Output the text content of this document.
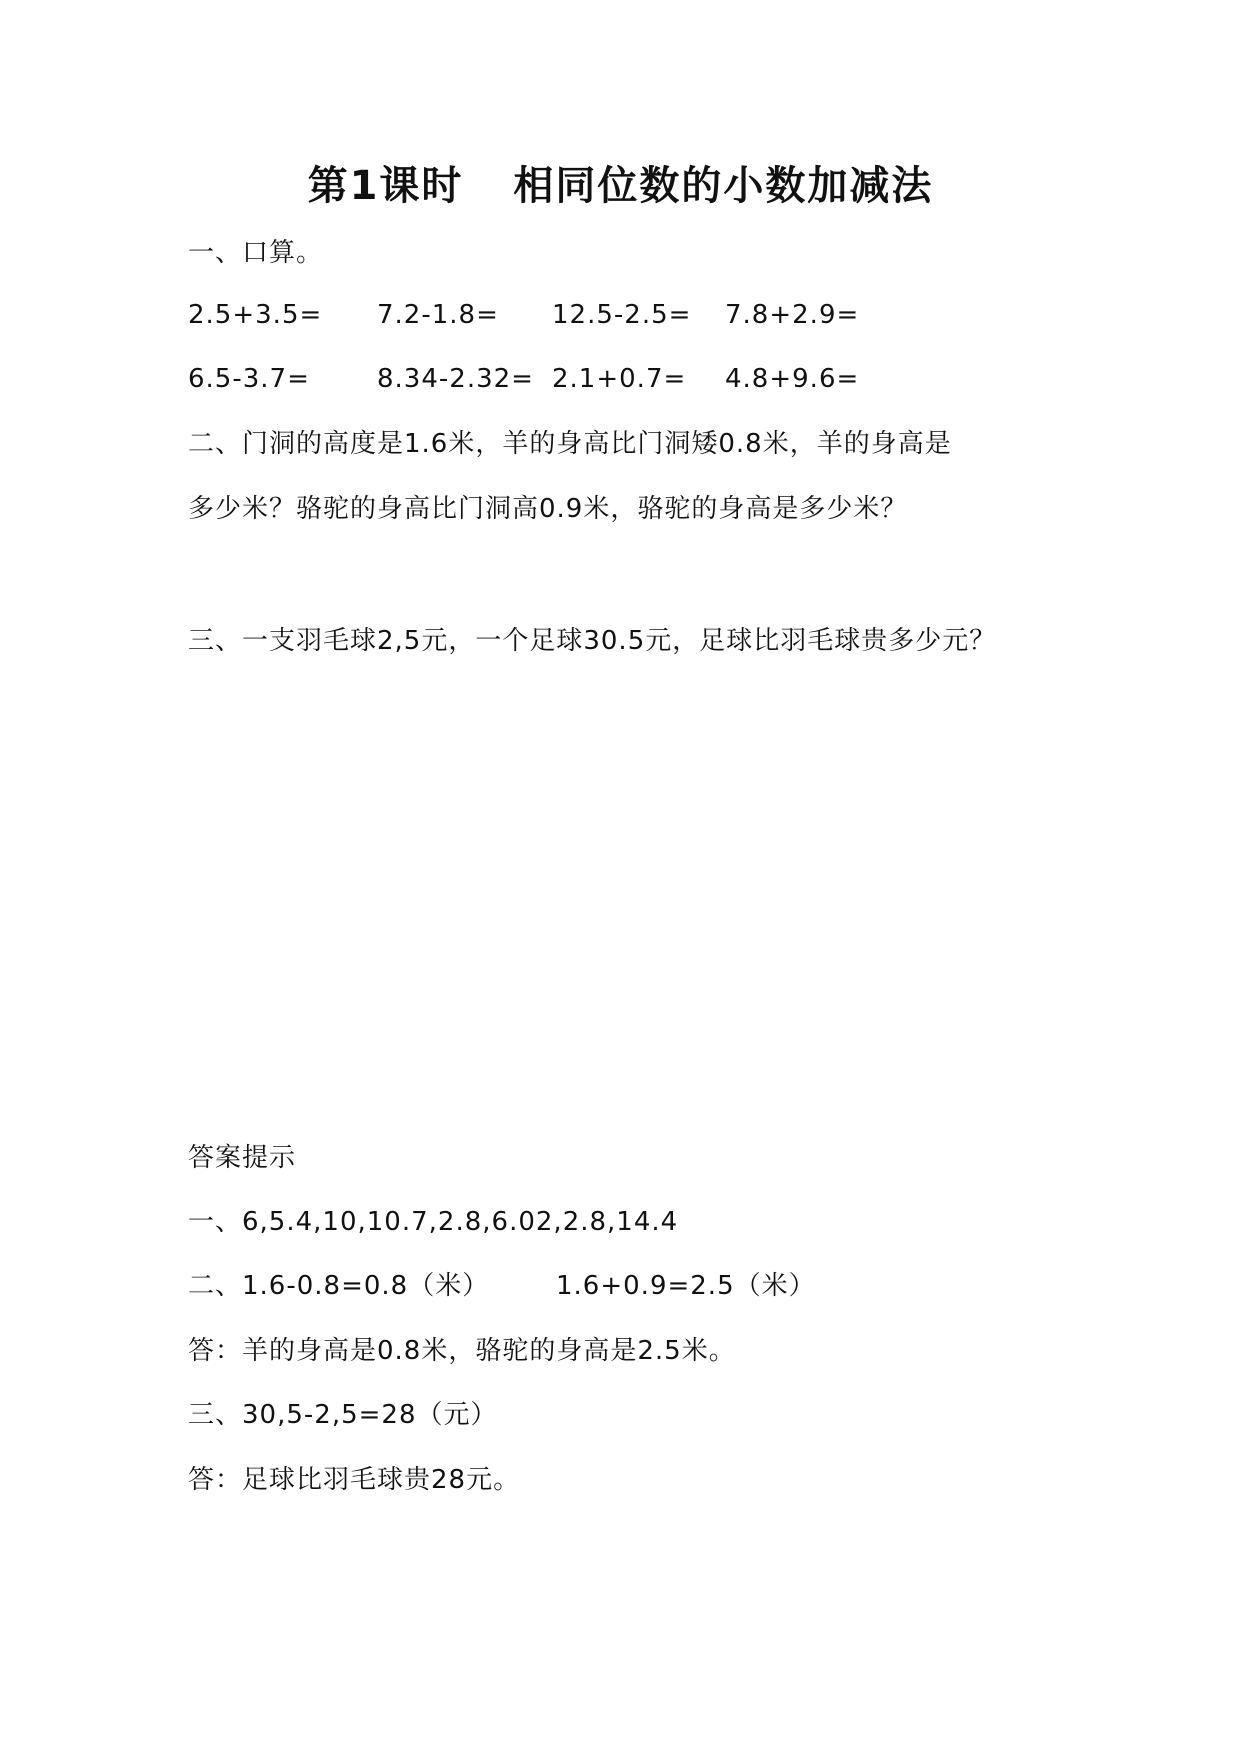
第1课时 相同位数的小数加减法
一、口算。
2.5+3.5= 7.2-1.8= 12.5-2.5= 7.8+2.9=
6.5-3.7=	8.34-2.32= 2.1+0.7= 4.8+9.6=
二、门洞的高度是1.6米，羊的身高比门洞矮0.8米，羊的身高是
多少米？骆驼的身高比门洞高0.9米，骆驼的身高是多少米？
三、一支羽毛球2,5元，一个足球30.5元，足球比羽毛球贵多少元？
答案提示
一、6,5.4,10,10.7,2.8,6.02,2.8,14.4
二、1.6-0.8=0.8（米）	1.6+0.9=2.5（米）
答：羊的身高是0.8米，骆驼的身高是2.5米。
三、30,5-2,5=28（元）
答：足球比羽毛球贵28元。
